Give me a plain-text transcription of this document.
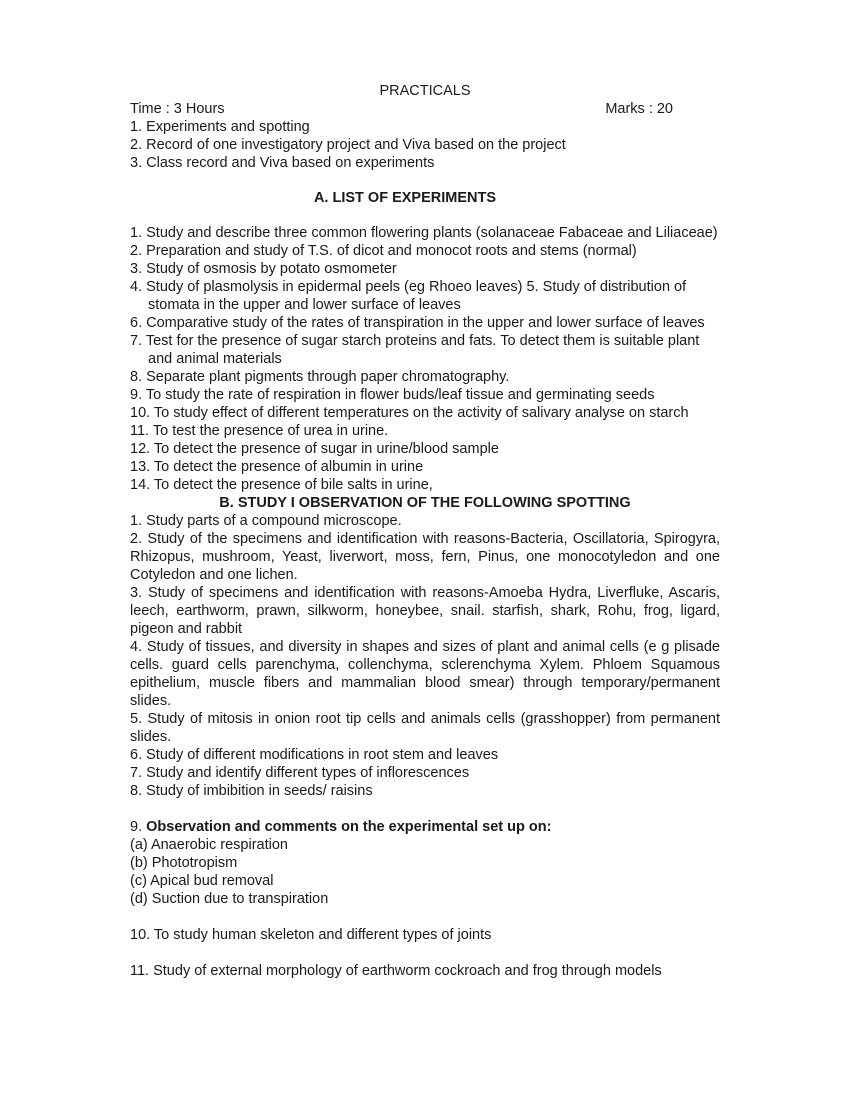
PRACTICALS
Time : 3 Hours	Marks : 20
1. Experiments and spotting
2. Record of one investigatory project and Viva based on the project
3. Class record and Viva based on experiments
A. LIST OF EXPERIMENTS
1. Study and describe three common flowering plants (solanaceae Fabaceae and Liliaceae)
2. Preparation and study of T.S. of dicot and monocot roots and stems (normal)
3. Study of osmosis by potato osmometer
4. Study of plasmolysis in epidermal peels (eg Rhoeo leaves) 5. Study of distribution of stomata in the upper and lower surface of leaves
6. Comparative study of the rates of transpiration in the upper and lower surface of leaves
7. Test for the presence of sugar starch proteins and fats. To detect them is suitable plant and animal materials
8. Separate plant pigments through paper chromatography.
9. To study the rate of respiration in flower buds/leaf tissue and germinating seeds
10. To study effect of different temperatures on the activity of salivary analyse on starch
11. To test the presence of urea in urine.
12. To detect the presence of sugar in urine/blood sample
13. To detect the presence of albumin in urine
14. To detect the presence of bile salts in urine,
B. STUDY I OBSERVATION OF THE FOLLOWING SPOTTING
1. Study parts of a compound microscope.
2. Study of the specimens and identification with reasons-Bacteria, Oscillatoria, Spirogyra, Rhizopus, mushroom, Yeast, liverwort, moss, fern, Pinus, one monocotyledon and one Cotyledon and one lichen.
3. Study of specimens and identification with reasons-Amoeba Hydra, Liverfluke, Ascaris, leech, earthworm, prawn, silkworm, honeybee, snail. starfish, shark, Rohu, frog, ligard, pigeon and rabbit
4. Study of tissues, and diversity in shapes and sizes of plant and animal cells (e g plisade cells. guard cells parenchyma, collenchyma, sclerenchyma Xylem. Phloem Squamous epithelium, muscle fibers and mammalian blood smear) through temporary/permanent slides.
5. Study of mitosis in onion root tip cells and animals cells (grasshopper) from permanent slides.
6. Study of different modifications in root stem and leaves
7. Study and identify different types of inflorescences
8. Study of imbibition in seeds/ raisins
9. Observation and comments on the experimental set up on:
(a) Anaerobic respiration
(b) Phototropism
(c) Apical bud removal
(d) Suction due to transpiration
10. To study human skeleton and different types of joints
11. Study of external morphology of earthworm cockroach and frog through models
